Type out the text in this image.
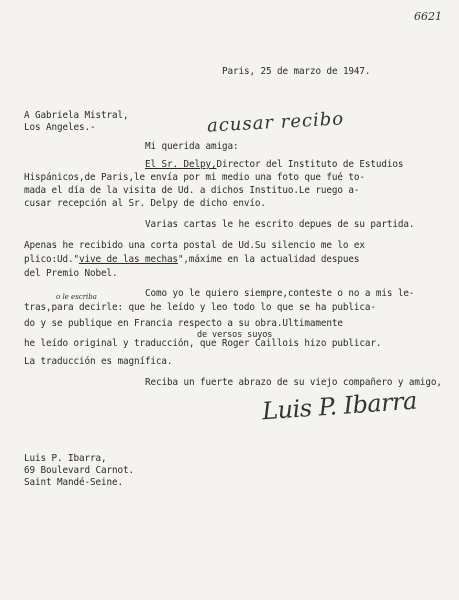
6621
Paris, 25 de marzo de 1947.
A Gabriela Mistral,
Los Angeles.-	acusar recibo
Mi querida amiga:
El Sr. Delpy,Director del Instituto de Estudios
Hispánicos,de Paris,le envía por mi medio una foto que fué to-
mada el día de la visita de Ud. a dichos Instituo.Le ruego a-
cusar recepción al Sr. Delpy de dicho envío.
Varias cartas le he escrito depues de su partida.
Apenas he recibido una corta postal de Ud.Su silencio me lo ex
plico:Ud."vive de las mechas",máxime en la actualidad despues
del Premio Nobel.
Como yo le quiero siempre,conteste o no a mis le-
o le escriba
tras,para decirle: que he leído y leo todo lo que se ha publica-
do y se publique en Francia respecto a su obra.Ultimamente
de versos suyos
he leído original y traducción, que Roger Caillois hizo publicar.
La traducción es magnífica.
Reciba un fuerte abrazo de su viejo compañero y amigo,
Luis P. Ibarra
Luis P. Ibarra,
69 Boulevard Carnot.
Saint Mandé-Seine.
